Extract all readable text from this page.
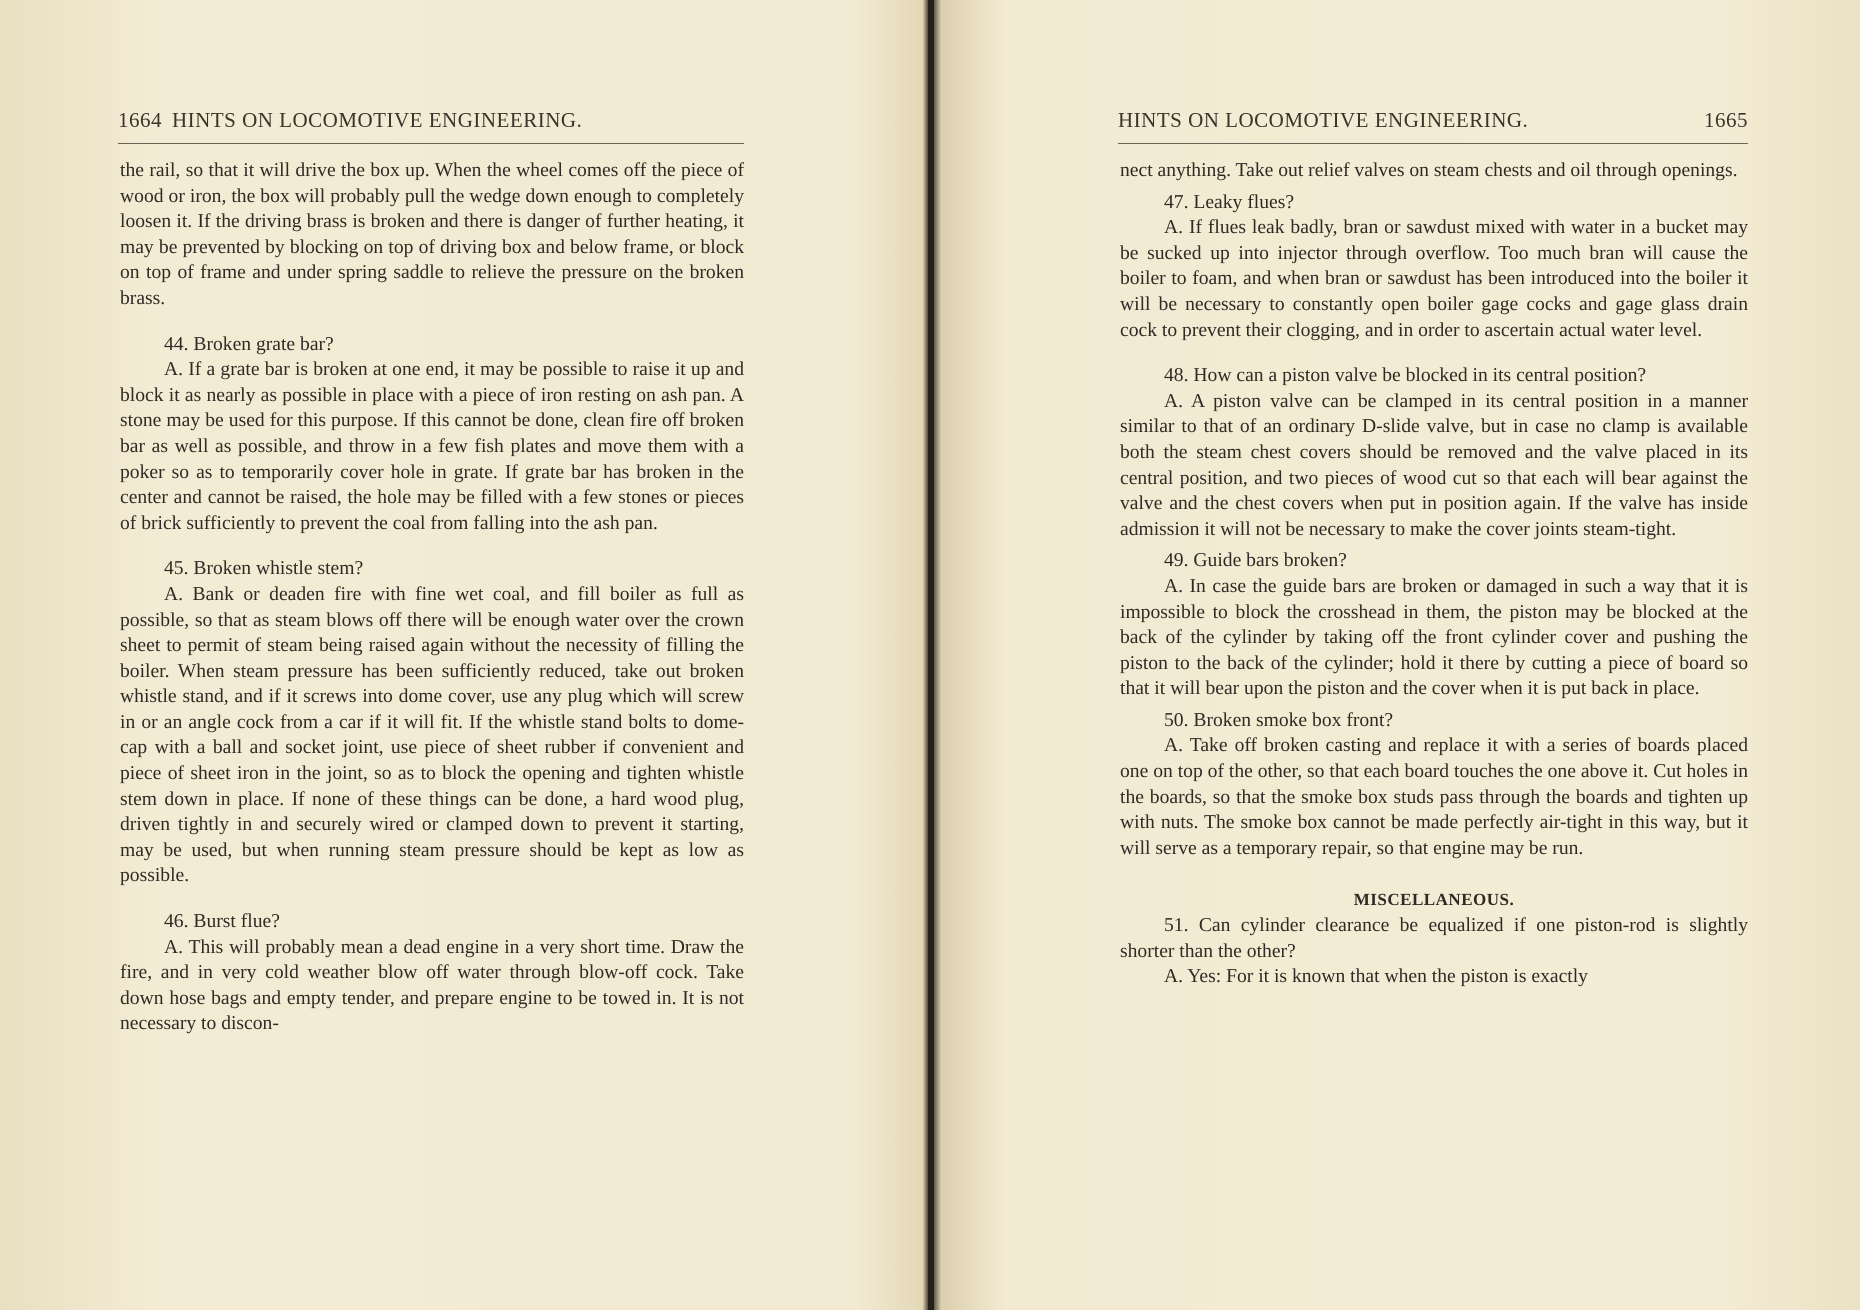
1664 HINTS ON LOCOMOTIVE ENGINEERING.

the rail, so that it will drive the box up. When the wheel comes off the piece of wood or iron, the box will probably pull the wedge down enough to completely loosen it. If the driving brass is broken and there is danger of further heating, it may be prevented by blocking on top of driving box and below frame, or block on top of frame and under spring saddle to relieve the pressure on the broken brass.

44. Broken grate bar?

A. If a grate bar is broken at one end, it may be possible to raise it up and block it as nearly as possible in place with a piece of iron resting on ash pan. A stone may be used for this purpose. If this cannot be done, clean fire off broken bar as well as possible, and throw in a few fish plates and move them with a poker so as to temporarily cover hole in grate. If grate bar has broken in the center and cannot be raised, the hole may be filled with a few stones or pieces of brick sufficiently to prevent the coal from falling into the ash pan.

45. Broken whistle stem?

A. Bank or deaden fire with fine wet coal, and fill boiler as full as possible, so that as steam blows off there will be enough water over the crown sheet to permit of steam being raised again without the necessity of filling the boiler. When steam pressure has been sufficiently reduced, take out broken whistle stand, and if it screws into dome cover, use any plug which will screw in or an angle cock from a car if it will fit. If the whistle stand bolts to dome-cap with a ball and socket joint, use piece of sheet rubber if convenient and piece of sheet iron in the joint, so as to block the opening and tighten whistle stem down in place. If none of these things can be done, a hard wood plug, driven tightly in and securely wired or clamped down to prevent it starting, may be used, but when running steam pressure should be kept as low as possible.

46. Burst flue?

A. This will probably mean a dead engine in a very short time. Draw the fire, and in very cold weather blow off water through blow-off cock. Take down hose bags and empty tender, and prepare engine to be towed in. It is not necessary to discon-

HINTS ON LOCOMOTIVE ENGINEERING.	1665

nect anything. Take out relief valves on steam chests and oil through openings.

47. Leaky flues?

A. If flues leak badly, bran or sawdust mixed with water in a bucket may be sucked up into injector through overflow. Too much bran will cause the boiler to foam, and when bran or sawdust has been introduced into the boiler it will be necessary to constantly open boiler gage cocks and gage glass drain cock to prevent their clogging, and in order to ascertain actual water level.

48. How can a piston valve be blocked in its central position?

A. A piston valve can be clamped in its central position in a manner similar to that of an ordinary D-slide valve, but in case no clamp is available both the steam chest covers should be removed and the valve placed in its central position, and two pieces of wood cut so that each will bear against the valve and the chest covers when put in position again. If the valve has inside admission it will not be necessary to make the cover joints steam-tight.

49. Guide bars broken?

A. In case the guide bars are broken or damaged in such a way that it is impossible to block the crosshead in them, the piston may be blocked at the back of the cylinder by taking off the front cylinder cover and pushing the piston to the back of the cylinder; hold it there by cutting a piece of board so that it will bear upon the piston and the cover when it is put back in place.

50. Broken smoke box front?

A. Take off broken casting and replace it with a series of boards placed one on top of the other, so that each board touches the one above it. Cut holes in the boards, so that the smoke box studs pass through the boards and tighten up with nuts. The smoke box cannot be made perfectly air-tight in this way, but it will serve as a temporary repair, so that engine may be run.

MISCELLANEOUS.

51. Can cylinder clearance be equalized if one piston-rod is slightly shorter than the other?

A. Yes: For it is known that when the piston is exactly
